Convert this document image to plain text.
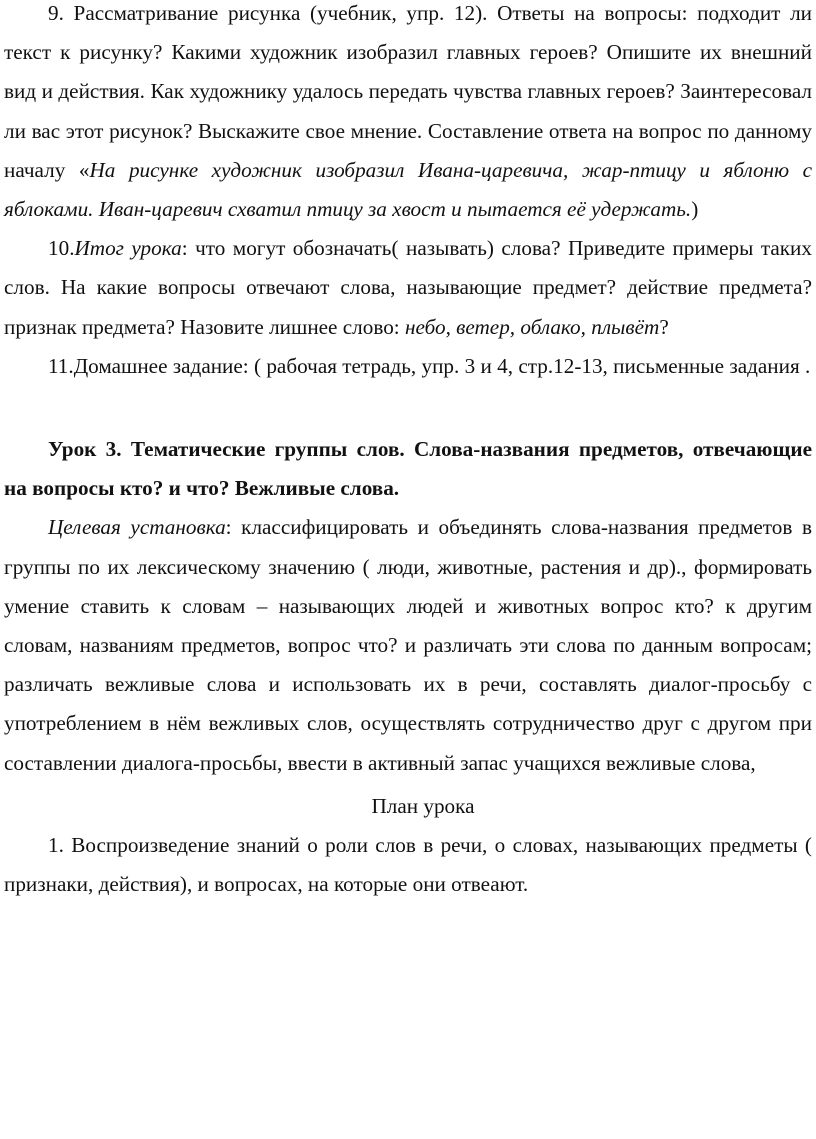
9. Рассматривание рисунка (учебник, упр. 12). Ответы на вопросы: подходит ли текст к рисунку? Какими художник изобразил главных героев? Опишите их внешний вид и действия. Как художнику удалось передать чувства главных героев? Заинтересовал ли вас этот рисунок? Выскажите свое мнение. Составление ответа на вопрос по данному началу «На рисунке художник изобразил Ивана-царевича, жар-птицу и яблоню с яблоками. Иван-царевич схватил птицу за хвост и пытается её удержать.)

10.Итог урока: что могут обозначать( называть) слова? Приведите примеры таких слов. На какие вопросы отвечают слова, называющие предмет? действие предмета? признак предмета? Назовите лишнее слово: небо, ветер, облако, плывёт?

11.Домашнее задание: ( рабочая тетрадь, упр. 3 и 4, стр.12-13, письменные задания .

Урок 3. Тематические группы слов. Слова-названия предметов, отвечающие на вопросы кто? и что? Вежливые слова.

Целевая установка: классифицировать и объединять слова-названия предметов в группы по их лексическому значению ( люди, животные, растения и др)., формировать умение ставить к словам – называющих людей и животных вопрос кто? к другим словам, названиям предметов, вопрос что? и различать эти слова по данным вопросам; различать вежливые слова и использовать их в речи, составлять диалог-просьбу с употреблением в нём вежливых слов, осуществлять сотрудничество друг с другом при составлении диалога-просьбы, ввести в активный запас учащихся вежливые слова,

План урока

1. Воспроизведение знаний о роли слов в речи, о словах, называющих предметы ( признаки, действия), и вопросах, на которые они отвеают.
